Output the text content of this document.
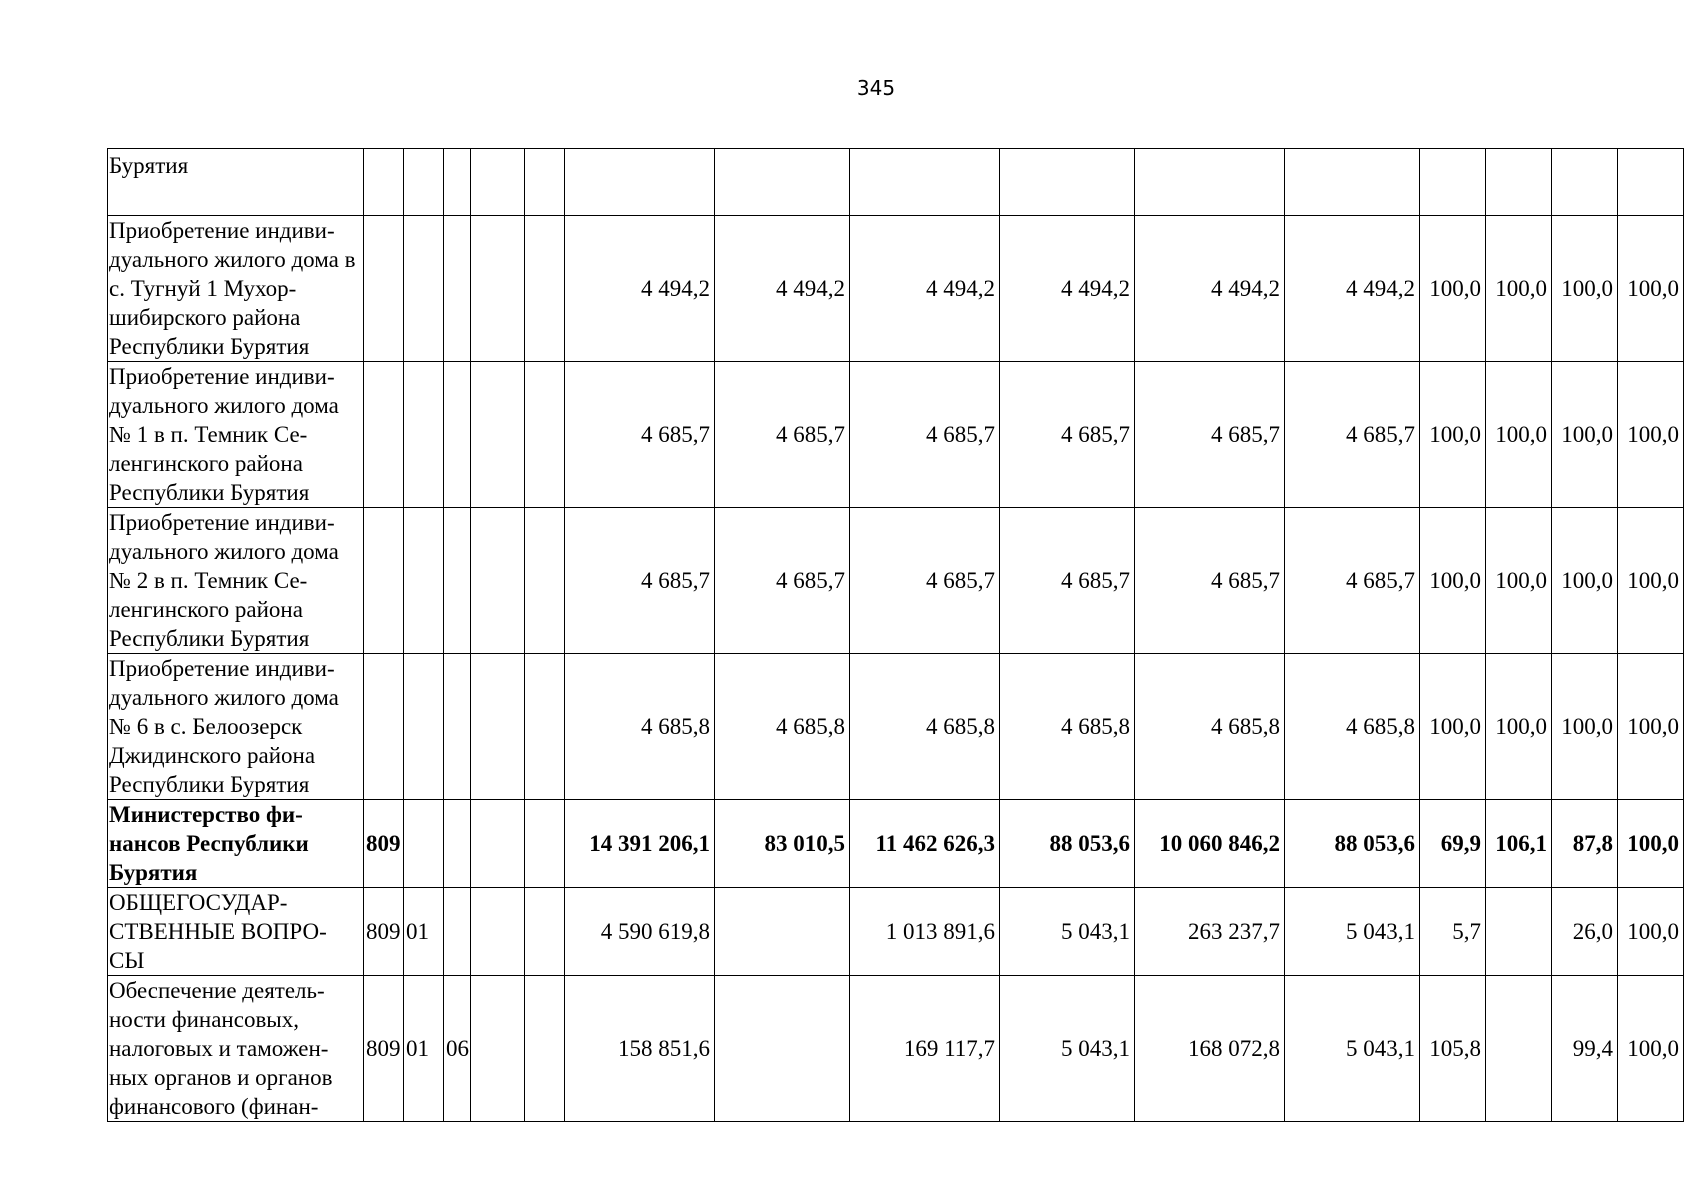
345
Бурятия															
Приобретение индиви-дуального жилого дома в с. Тугнуй 1 Мухор-шибирского района Республики Бурятия						4 494,2	4 494,2	4 494,2	4 494,2	4 494,2	4 494,2	100,0	100,0	100,0	100,0
Приобретение индиви-дуального жилого дома № 1 в п. Темник Се-ленгинского района Республики Бурятия						4 685,7	4 685,7	4 685,7	4 685,7	4 685,7	4 685,7	100,0	100,0	100,0	100,0
Приобретение индиви-дуального жилого дома № 2 в п. Темник Се-ленгинского района Республики Бурятия						4 685,7	4 685,7	4 685,7	4 685,7	4 685,7	4 685,7	100,0	100,0	100,0	100,0
Приобретение индиви-дуального жилого дома № 6 в с. Белоозерск Джидинского района Республики Бурятия						4 685,8	4 685,8	4 685,8	4 685,8	4 685,8	4 685,8	100,0	100,0	100,0	100,0
Министерство фи-нансов Республики Бурятия	809					14 391 206,1	83 010,5	11 462 626,3	88 053,6	10 060 846,2	88 053,6	69,9	106,1	87,8	100,0
ОБЩЕГОСУДАР-СТВЕННЫЕ ВОПРО-СЫ	809	01				4 590 619,8		1 013 891,6	5 043,1	263 237,7	5 043,1	5,7		26,0	100,0
Обеспечение деятель-ности финансовых, налоговых и таможен-ных органов и органов финансового (финан-	809	01	06			158 851,6		169 117,7	5 043,1	168 072,8	5 043,1	105,8		99,4	100,0
